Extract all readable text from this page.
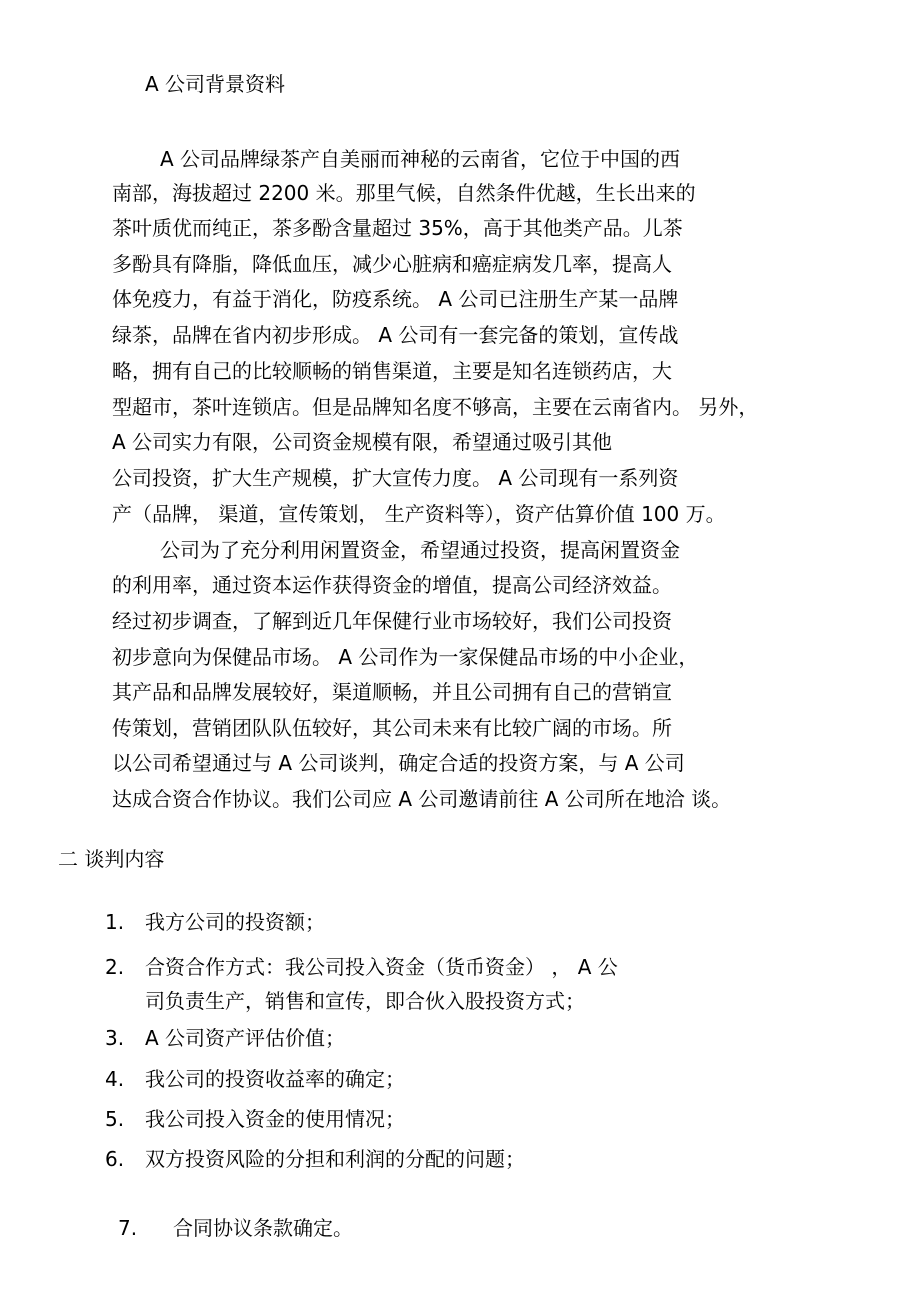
A 公司背景资料
A 公司品牌绿茶产自美丽而神秘的云南省，它位于中国的西
南部，海拔超过 2200 米。那里气候，自然条件优越，生长出来的
茶叶质优而纯正，茶多酚含量超过 35%，高于其他类产品。儿茶
多酚具有降脂，降低血压，减少心脏病和癌症病发几率，提高人
体免疫力，有益于消化，防疫系统。 A 公司已注册生产某一品牌
绿茶，品牌在省内初步形成。 A 公司有一套完备的策划，宣传战
略，拥有自己的比较顺畅的销售渠道，主要是知名连锁药店，大
型超市，茶叶连锁店。但是品牌知名度不够高，主要在云南省内。 另外，
A 公司实力有限，公司资金规模有限，希望通过吸引其他
公司投资，扩大生产规模，扩大宣传力度。 A 公司现有一系列资
产（品牌， 渠道，宣传策划， 生产资料等），资产估算价值 100 万。
公司为了充分利用闲置资金，希望通过投资，提高闲置资金
的利用率，通过资本运作获得资金的增值，提高公司经济效益。
经过初步调查，了解到近几年保健行业市场较好，我们公司投资
初步意向为保健品市场。 A 公司作为一家保健品市场的中小企业，
其产品和品牌发展较好，渠道顺畅，并且公司拥有自己的营销宣
传策划，营销团队队伍较好，其公司未来有比较广阔的市场。所
以公司希望通过与 A 公司谈判，确定合适的投资方案，与 A 公司
达成合资合作协议。我们公司应 A 公司邀请前往 A 公司所在地洽 谈。
二 谈判内容
1. 我方公司的投资额；
2. 合资合作方式：我公司投入资金（货币资金） ， A 公
司负责生产，销售和宣传，即合伙入股投资方式；
3. A 公司资产评估价值；
4. 我公司的投资收益率的确定；
5. 我公司投入资金的使用情况；
6. 双方投资风险的分担和利润的分配的问题；
7. 合同协议条款确定。
